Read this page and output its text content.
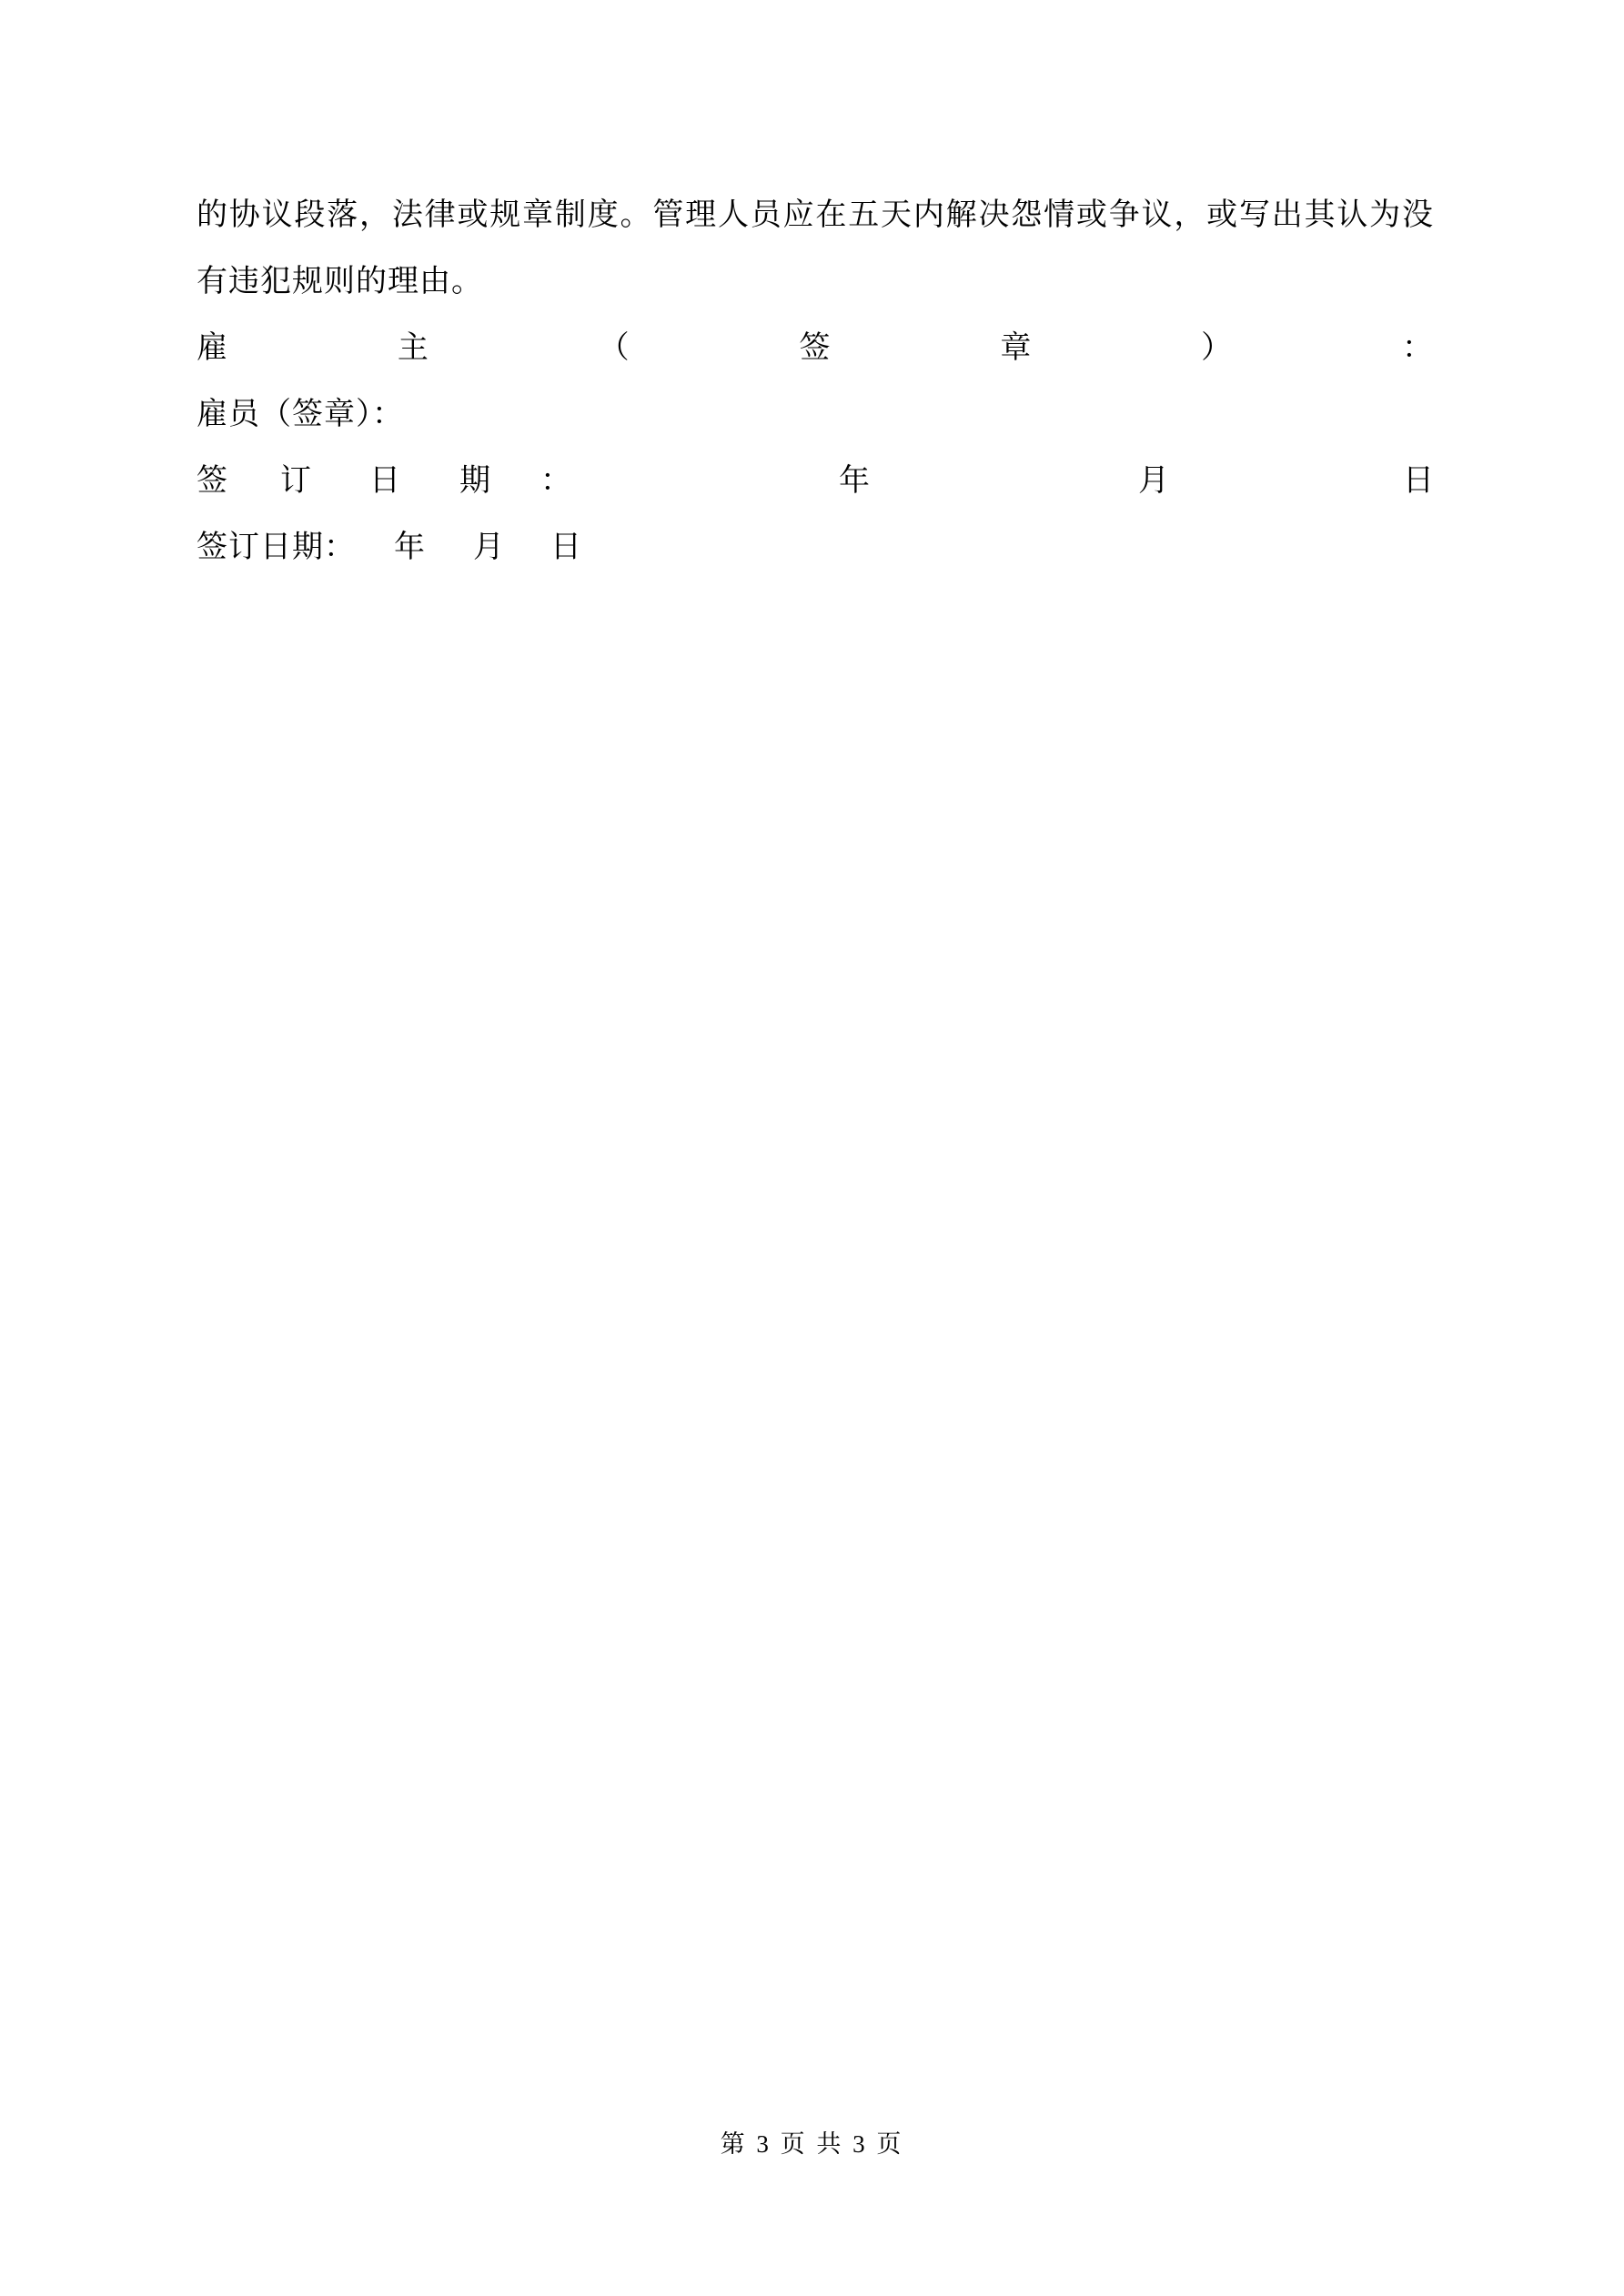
的协议段落，法律或规章制度。管理人员应在五天内解决怨情或争议，或写出其认为没
有违犯规则的理由。
雇	主	（	签	章	）	：
雇员（签章）：
签 订 日 期 ：	年	月	日
签订日期： 年 月 日
第 3 页 共 3 页
